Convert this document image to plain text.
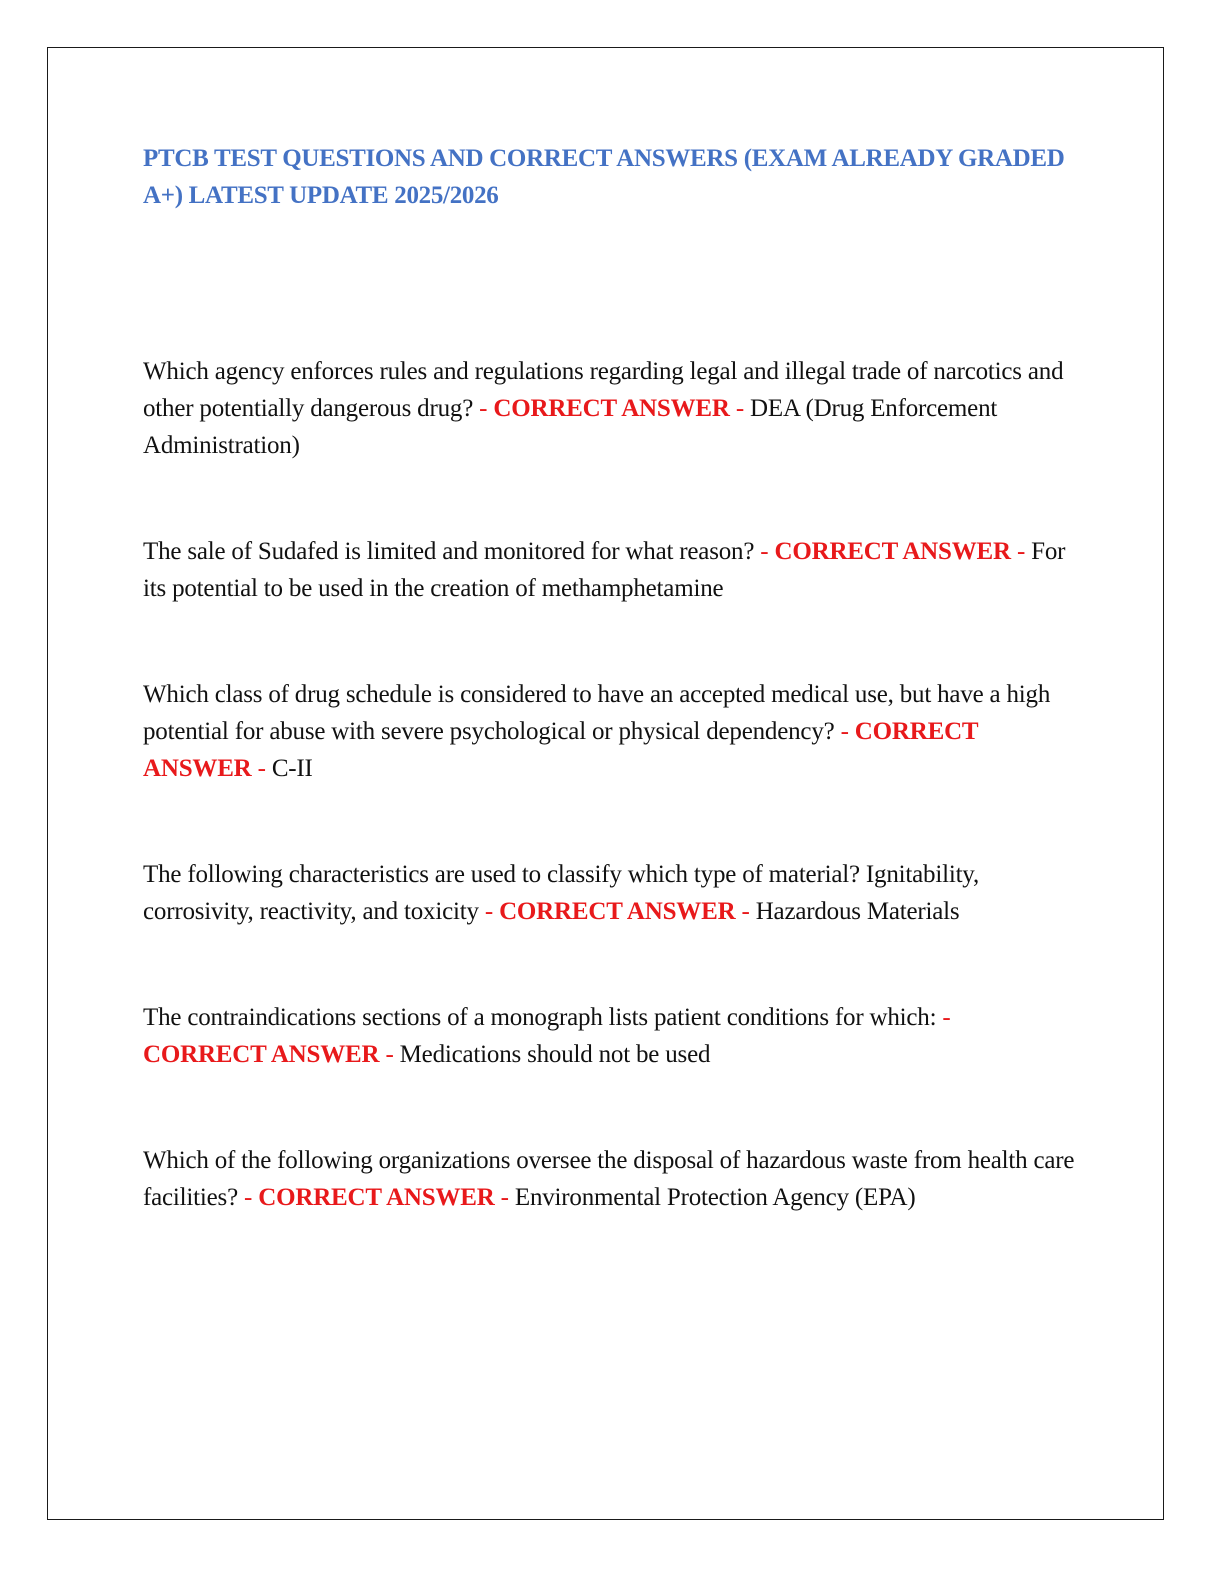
PTCB TEST QUESTIONS AND CORRECT ANSWERS (EXAM ALREADY GRADED A+) LATEST UPDATE 2025/2026

Which agency enforces rules and regulations regarding legal and illegal trade of narcotics and other potentially dangerous drug? - CORRECT ANSWER - DEA (Drug Enforcement Administration)

The sale of Sudafed is limited and monitored for what reason? - CORRECT ANSWER - For its potential to be used in the creation of methamphetamine

Which class of drug schedule is considered to have an accepted medical use, but have a high potential for abuse with severe psychological or physical dependency? - CORRECT ANSWER - C-II

The following characteristics are used to classify which type of material? Ignitability, corrosivity, reactivity, and toxicity - CORRECT ANSWER - Hazardous Materials

The contraindications sections of a monograph lists patient conditions for which: - CORRECT ANSWER - Medications should not be used

Which of the following organizations oversee the disposal of hazardous waste from health care facilities? - CORRECT ANSWER - Environmental Protection Agency (EPA)
